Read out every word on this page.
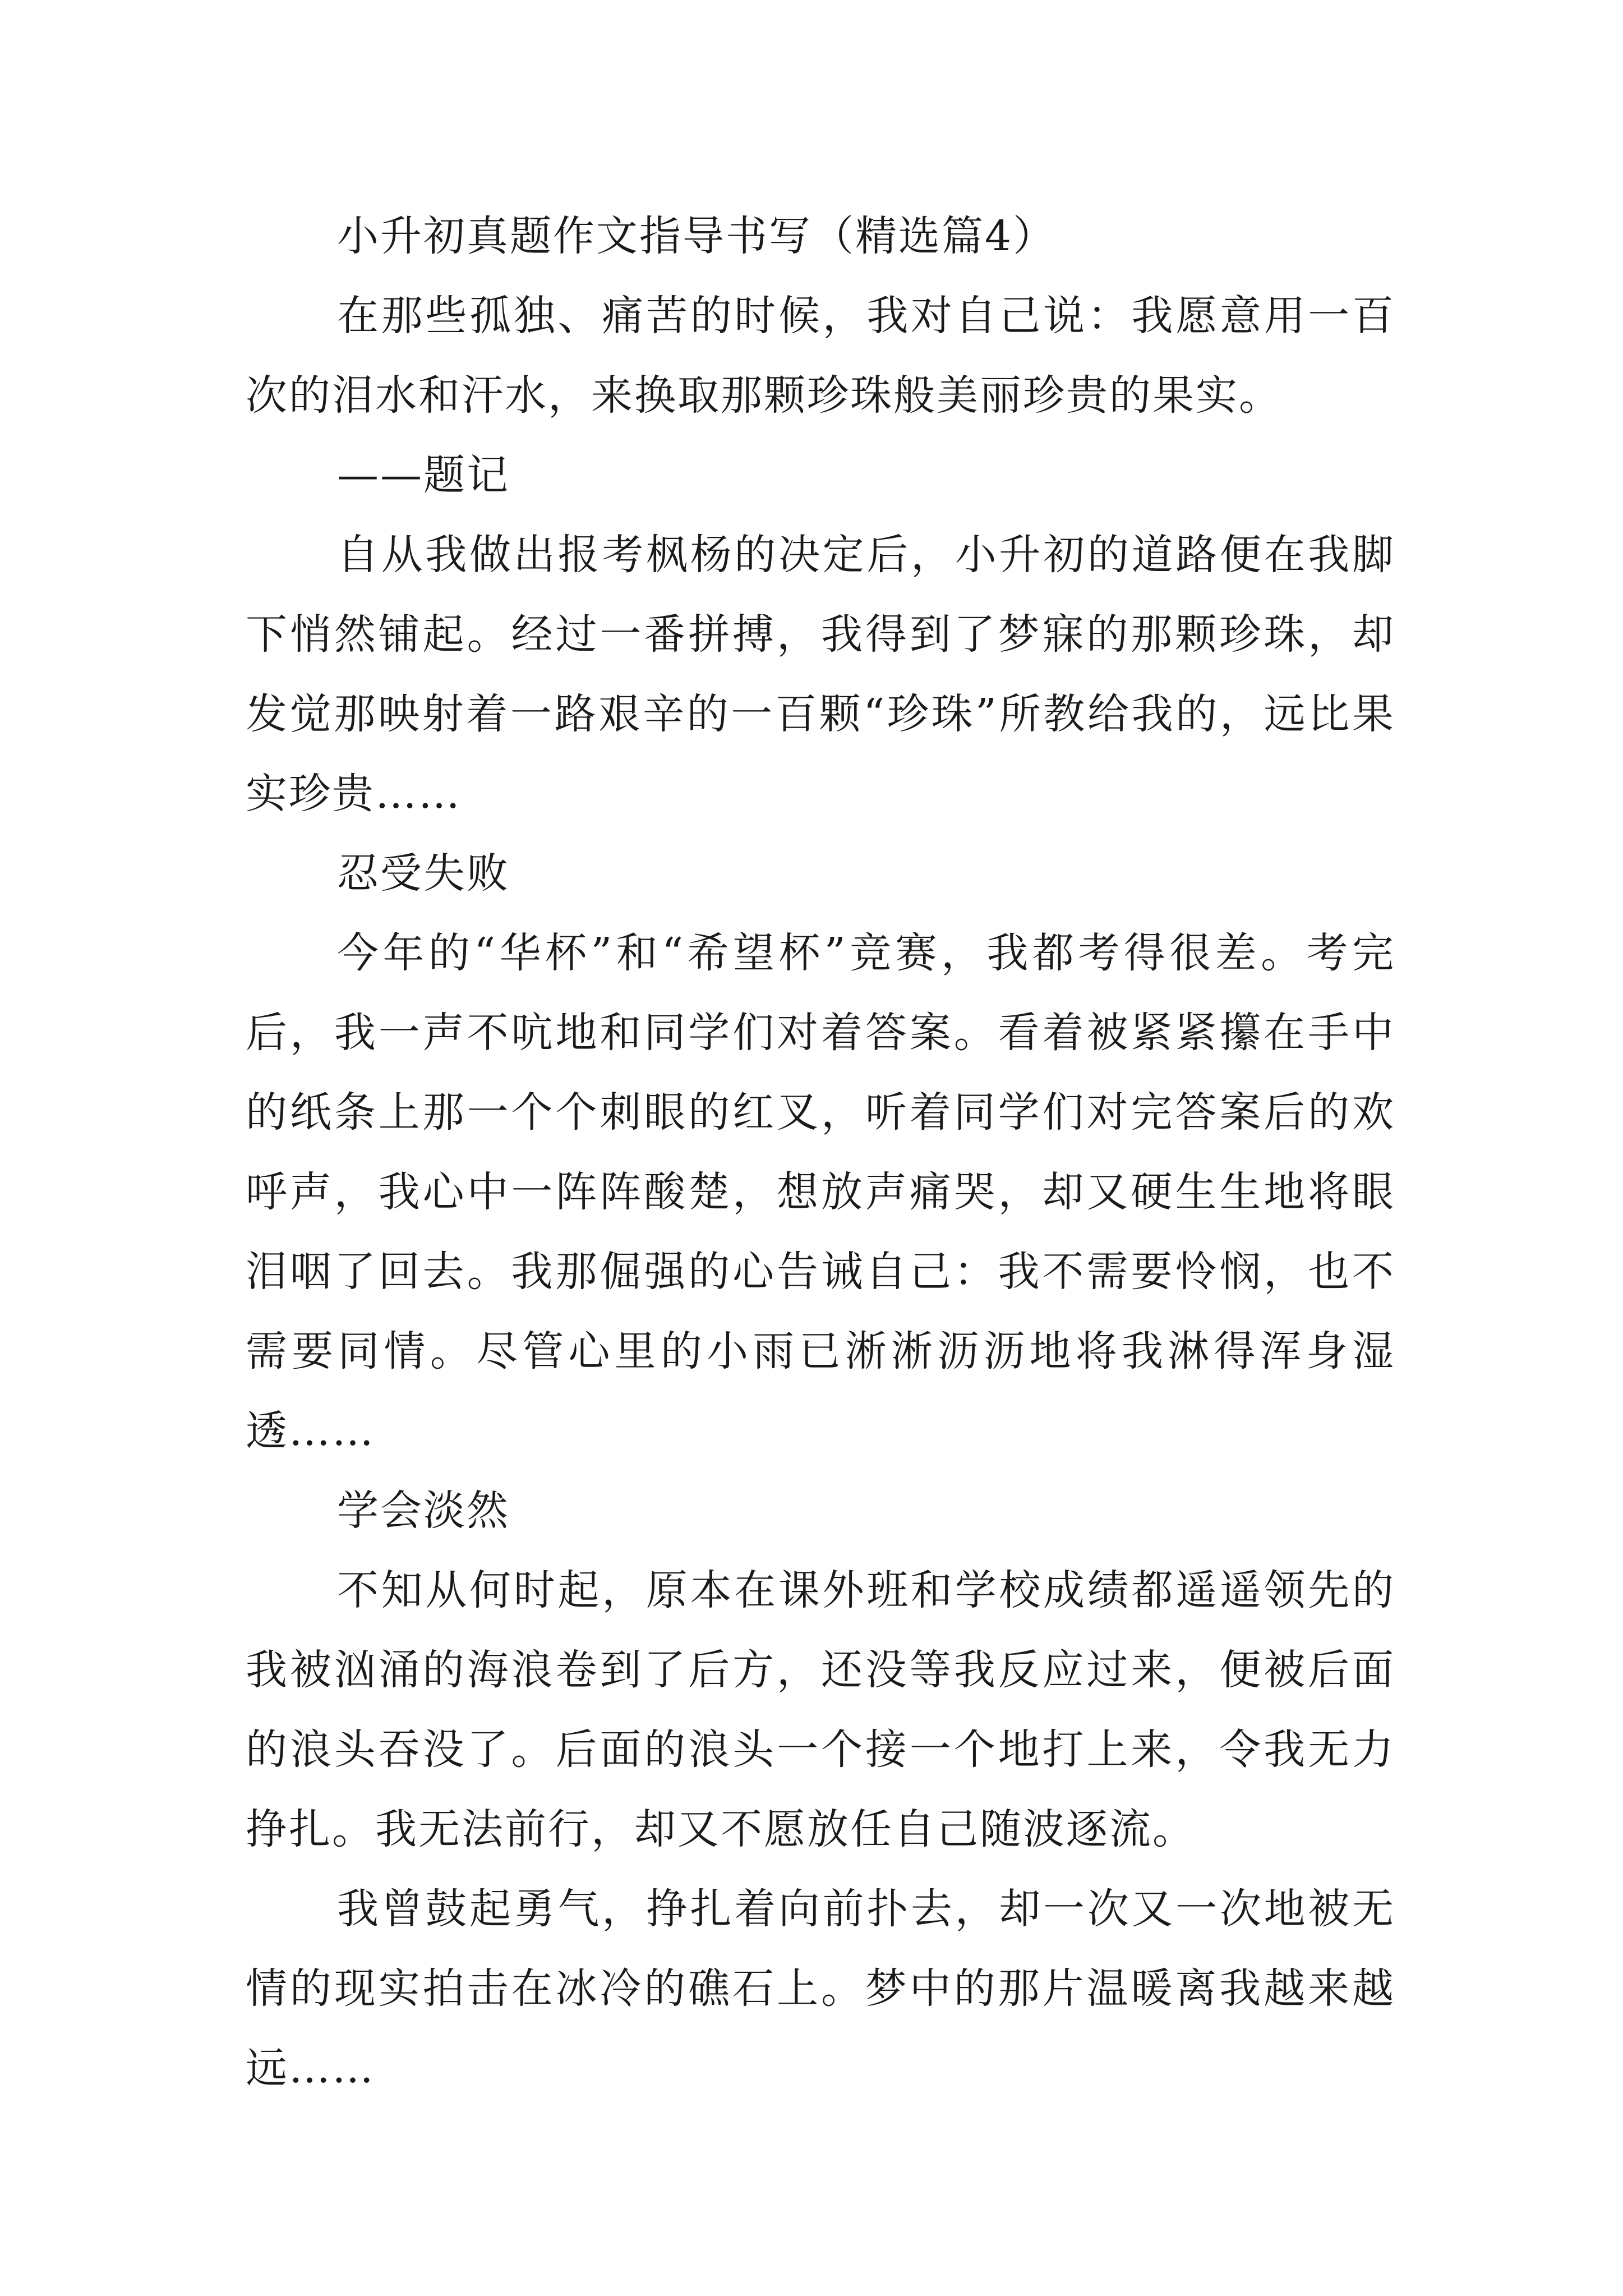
小升初真题作文指导书写（精选篇4）

在那些孤独、痛苦的时候，我对自己说：我愿意用一百次的泪水和汗水，来换取那颗珍珠般美丽珍贵的果实。

——题记

自从我做出报考枫杨的决定后，小升初的道路便在我脚下悄然铺起。经过一番拼搏，我得到了梦寐的那颗珍珠，却发觉那映射着一路艰辛的一百颗“珍珠”所教给我的，远比果实珍贵……

忍受失败

今年的“华杯”和“希望杯”竞赛，我都考得很差。考完后，我一声不吭地和同学们对着答案。看着被紧紧攥在手中的纸条上那一个个刺眼的红叉，听着同学们对完答案后的欢呼声，我心中一阵阵酸楚，想放声痛哭，却又硬生生地将眼泪咽了回去。我那倔强的心告诫自己：我不需要怜悯，也不需要同情。尽管心里的小雨已淅淅沥沥地将我淋得浑身湿透……

学会淡然

不知从何时起，原本在课外班和学校成绩都遥遥领先的我被汹涌的海浪卷到了后方，还没等我反应过来，便被后面的浪头吞没了。后面的浪头一个接一个地打上来，令我无力挣扎。我无法前行，却又不愿放任自己随波逐流。

我曾鼓起勇气，挣扎着向前扑去，却一次又一次地被无情的现实拍击在冰冷的礁石上。梦中的那片温暖离我越来越远……
